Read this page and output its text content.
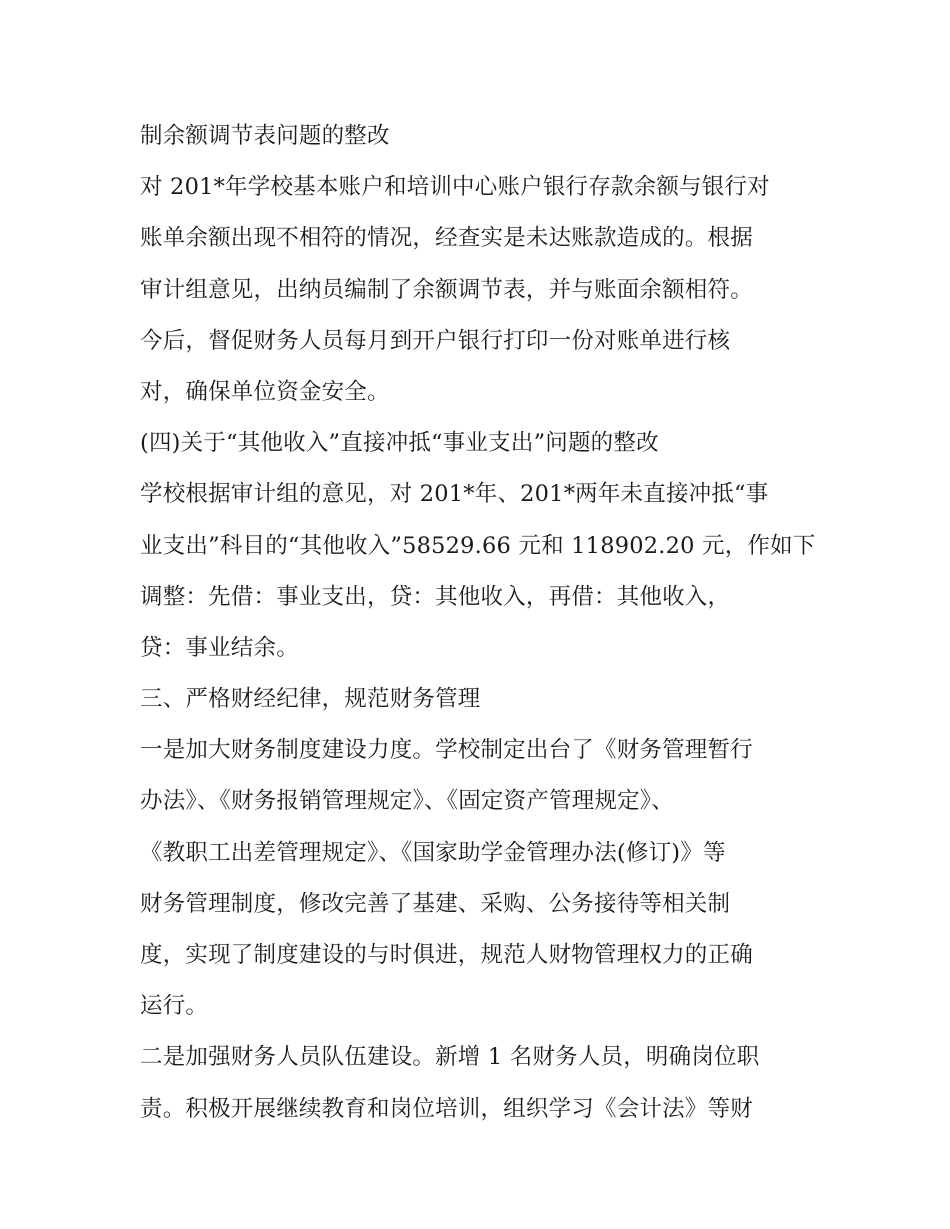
制余额调节表问题的整改
对 201*年学校基本账户和培训中心账户银行存款余额与银行对
账单余额出现不相符的情况，经查实是未达账款造成的。根据
审计组意见，出纳员编制了余额调节表，并与账面余额相符。
今后，督促财务人员每月到开户银行打印一份对账单进行核
对，确保单位资金安全。
(四)关于“其他收入”直接冲抵“事业支出”问题的整改
学校根据审计组的意见，对 201*年、201*两年未直接冲抵“事
业支出”科目的“其他收入”58529.66 元和 118902.20 元，作如下
调整：先借：事业支出，贷：其他收入，再借：其他收入，
贷：事业结余。
三、严格财经纪律，规范财务管理
一是加大财务制度建设力度。学校制定出台了《财务管理暂行
办法》、《财务报销管理规定》、《固定资产管理规定》、
《教职工出差管理规定》、《国家助学金管理办法(修订)》等
财务管理制度，修改完善了基建、采购、公务接待等相关制
度，实现了制度建设的与时俱进，规范人财物管理权力的正确
运行。
二是加强财务人员队伍建设。新增 1 名财务人员，明确岗位职
责。积极开展继续教育和岗位培训，组织学习《会计法》等财
